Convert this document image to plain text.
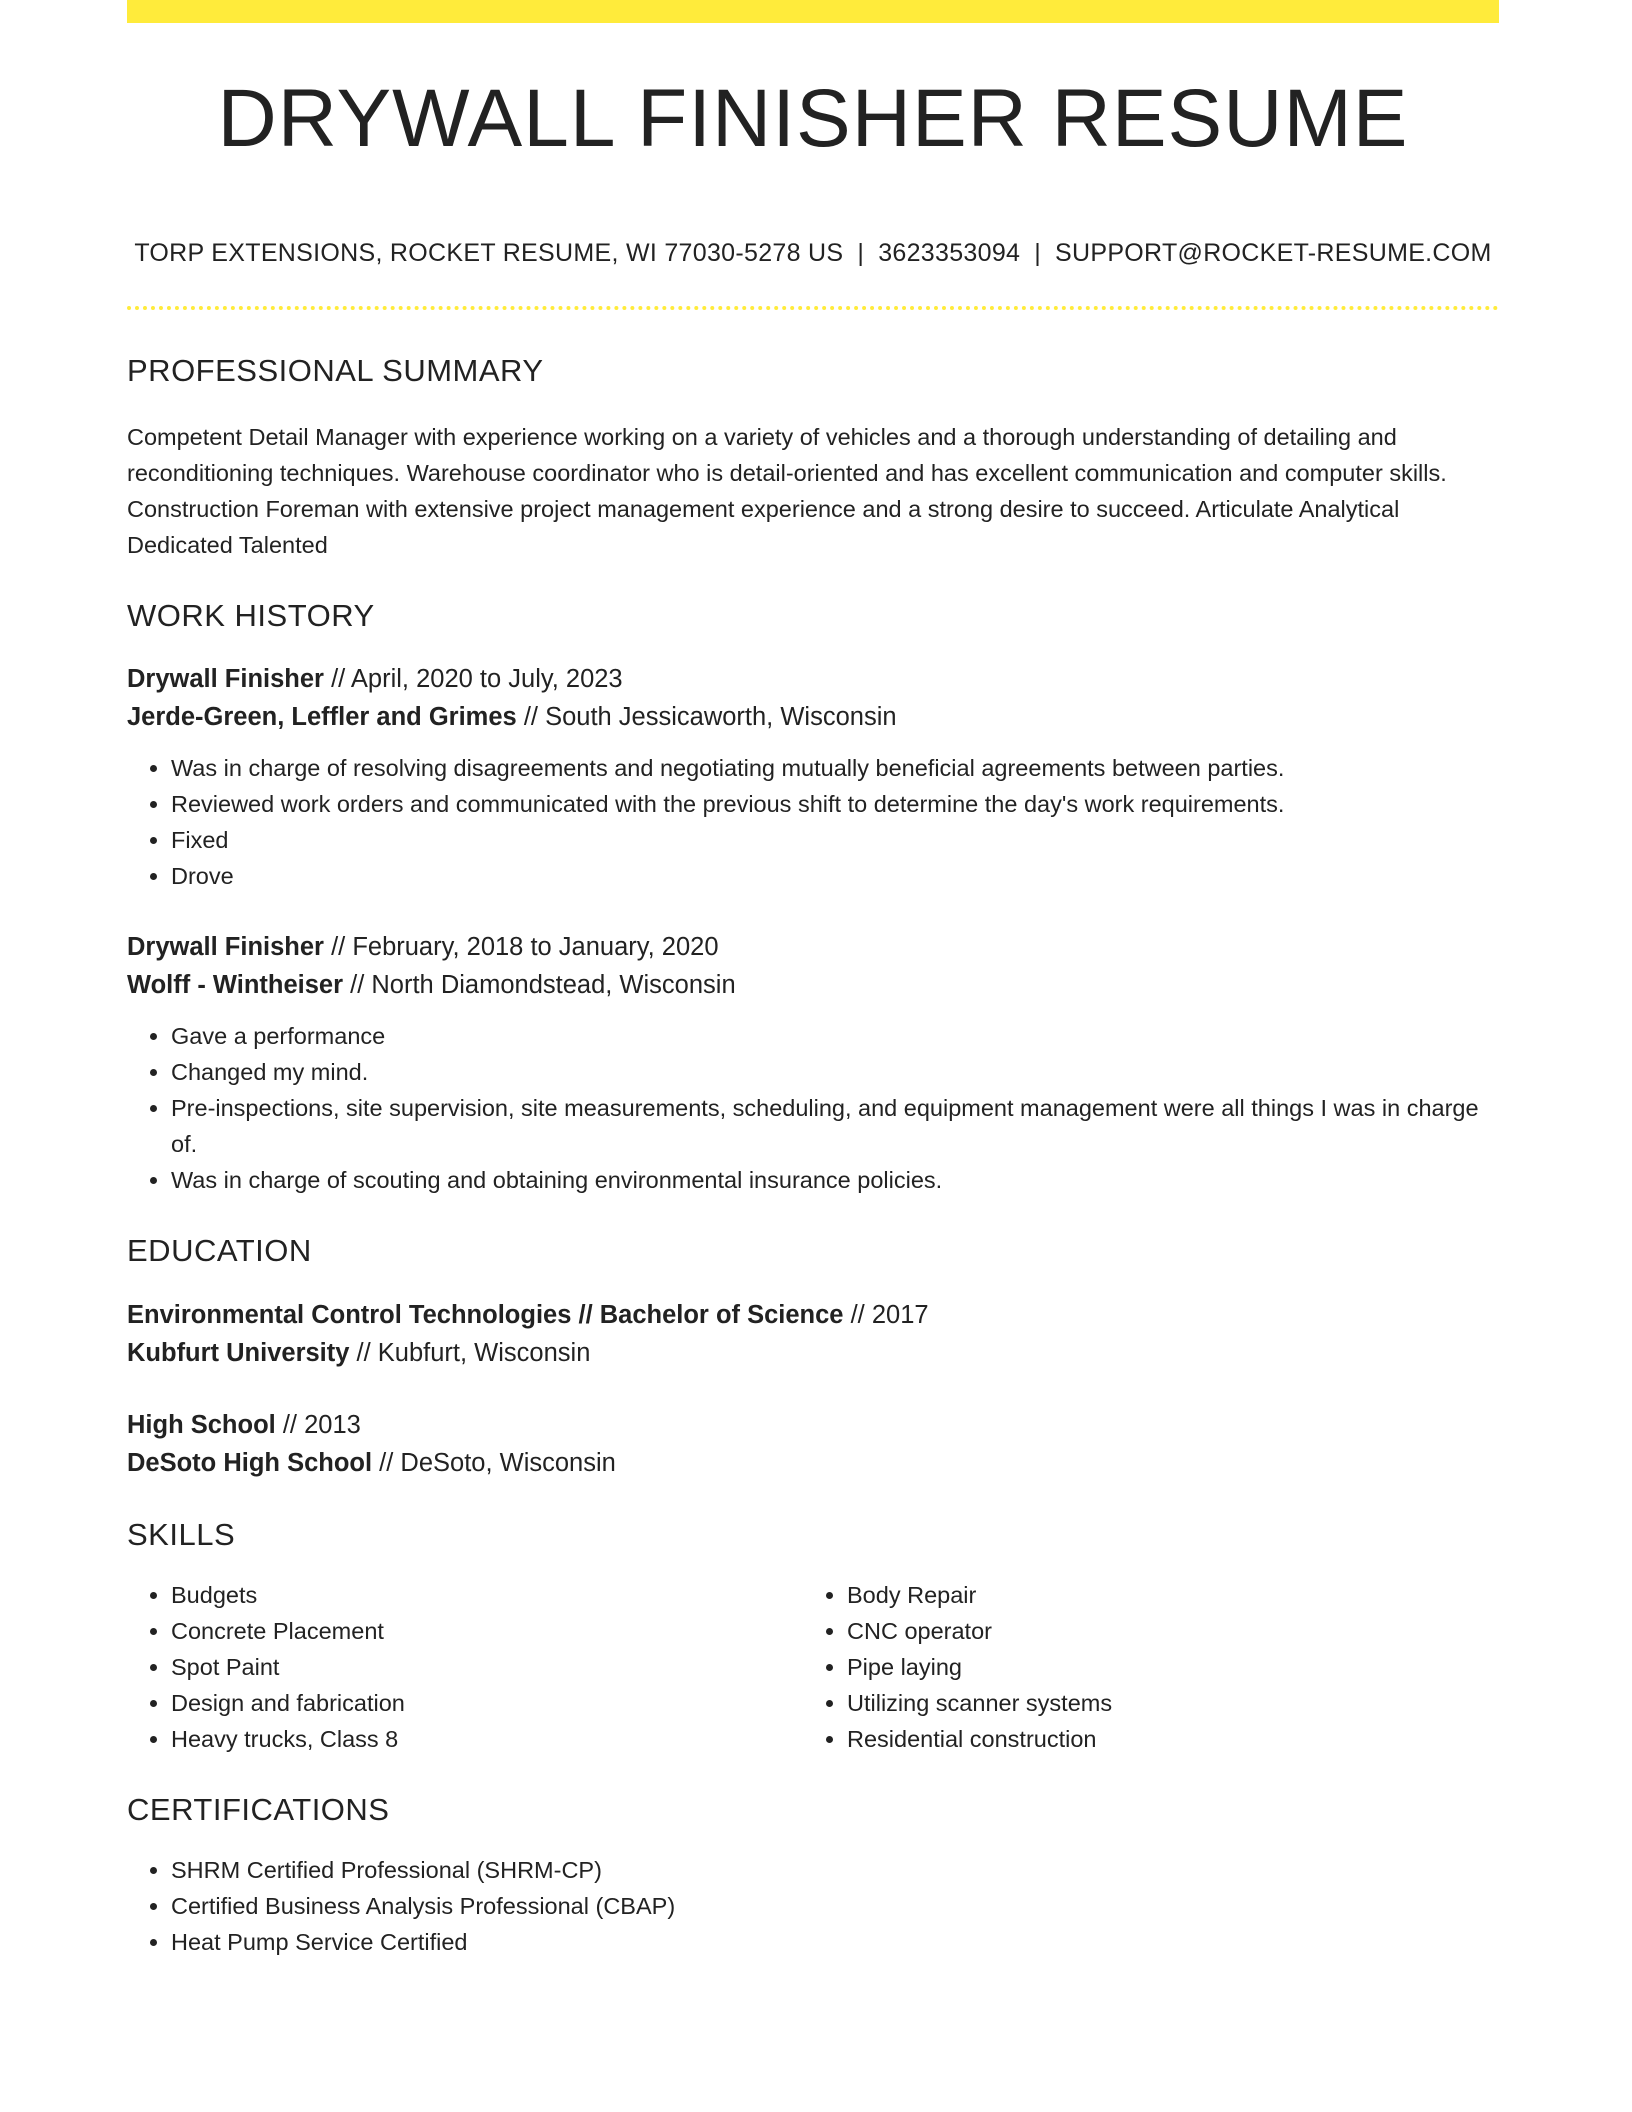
DRYWALL FINISHER RESUME
TORP EXTENSIONS, ROCKET RESUME, WI 77030-5278 US | 3623353094 | SUPPORT@ROCKET-RESUME.COM
PROFESSIONAL SUMMARY

Competent Detail Manager with experience working on a variety of vehicles and a thorough understanding of detailing and reconditioning techniques. Warehouse coordinator who is detail-oriented and has excellent communication and computer skills. Construction Foreman with extensive project management experience and a strong desire to succeed. Articulate Analytical Dedicated Talented

WORK HISTORY
Drywall Finisher // April, 2020 to July, 2023
Jerde-Green, Leffler and Grimes // South Jessicaworth, Wisconsin
• Was in charge of resolving disagreements and negotiating mutually beneficial agreements between parties.
• Reviewed work orders and communicated with the previous shift to determine the day's work requirements.
• Fixed
• Drove
Drywall Finisher // February, 2018 to January, 2020
Wolff - Wintheiser // North Diamondstead, Wisconsin
• Gave a performance
• Changed my mind.
• Pre-inspections, site supervision, site measurements, scheduling, and equipment management were all things I was in charge of.
• Was in charge of scouting and obtaining environmental insurance policies.
EDUCATION
Environmental Control Technologies // Bachelor of Science // 2017
Kubfurt University // Kubfurt, Wisconsin
High School // 2013
DeSoto High School // DeSoto, Wisconsin
SKILLS
• Budgets
• Concrete Placement
• Spot Paint
• Design and fabrication
• Heavy trucks, Class 8
• Body Repair
• CNC operator
• Pipe laying
• Utilizing scanner systems
• Residential construction
CERTIFICATIONS
• SHRM Certified Professional (SHRM-CP)
• Certified Business Analysis Professional (CBAP)
• Heat Pump Service Certified
